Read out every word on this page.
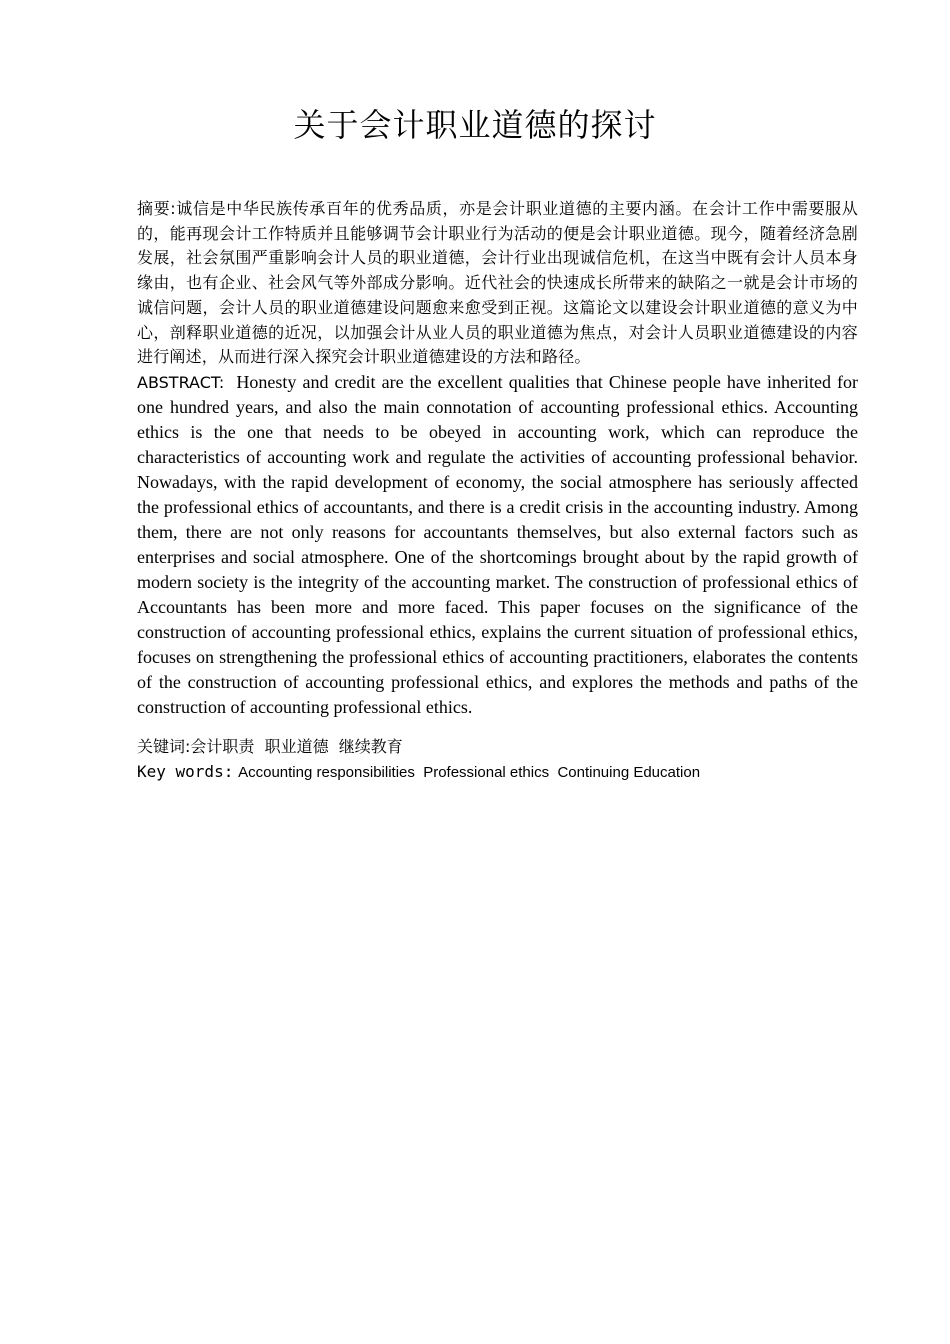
关于会计职业道德的探讨

摘要:诚信是中华民族传承百年的优秀品质，亦是会计职业道德的主要内涵。在会计工作中需要服从的，能再现会计工作特质并且能够调节会计职业行为活动的便是会计职业道德。现今，随着经济急剧发展，社会氛围严重影响会计人员的职业道德，会计行业出现诚信危机，在这当中既有会计人员本身缘由，也有企业、社会风气等外部成分影响。近代社会的快速成长所带来的缺陷之一就是会计市场的诚信问题，会计人员的职业道德建设问题愈来愈受到正视。这篇论文以建设会计职业道德的意义为中心，剖释职业道德的近况，以加强会计从业人员的职业道德为焦点，对会计人员职业道德建设的内容进行阐述，从而进行深入探究会计职业道德建设的方法和路径。

ABSTRACT: Honesty and credit are the excellent qualities that Chinese people have inherited for one hundred years, and also the main connotation of accounting professional ethics. Accounting ethics is the one that needs to be obeyed in accounting work, which can reproduce the characteristics of accounting work and regulate the activities of accounting professional behavior. Nowadays, with the rapid development of economy, the social atmosphere has seriously affected the professional ethics of accountants, and there is a credit crisis in the accounting industry. Among them, there are not only reasons for accountants themselves, but also external factors such as enterprises and social atmosphere. One of the shortcomings brought about by the rapid growth of modern society is the integrity of the accounting market. The construction of professional ethics of Accountants has been more and more faced. This paper focuses on the significance of the construction of accounting professional ethics, explains the current situation of professional ethics, focuses on strengthening the professional ethics of accounting practitioners, elaborates the contents of the construction of accounting professional ethics, and explores the methods and paths of the construction of accounting professional ethics.

关键词:会计职责  职业道德  继续教育
Key words: Accounting responsibilities  Professional ethics  Continuing Education
